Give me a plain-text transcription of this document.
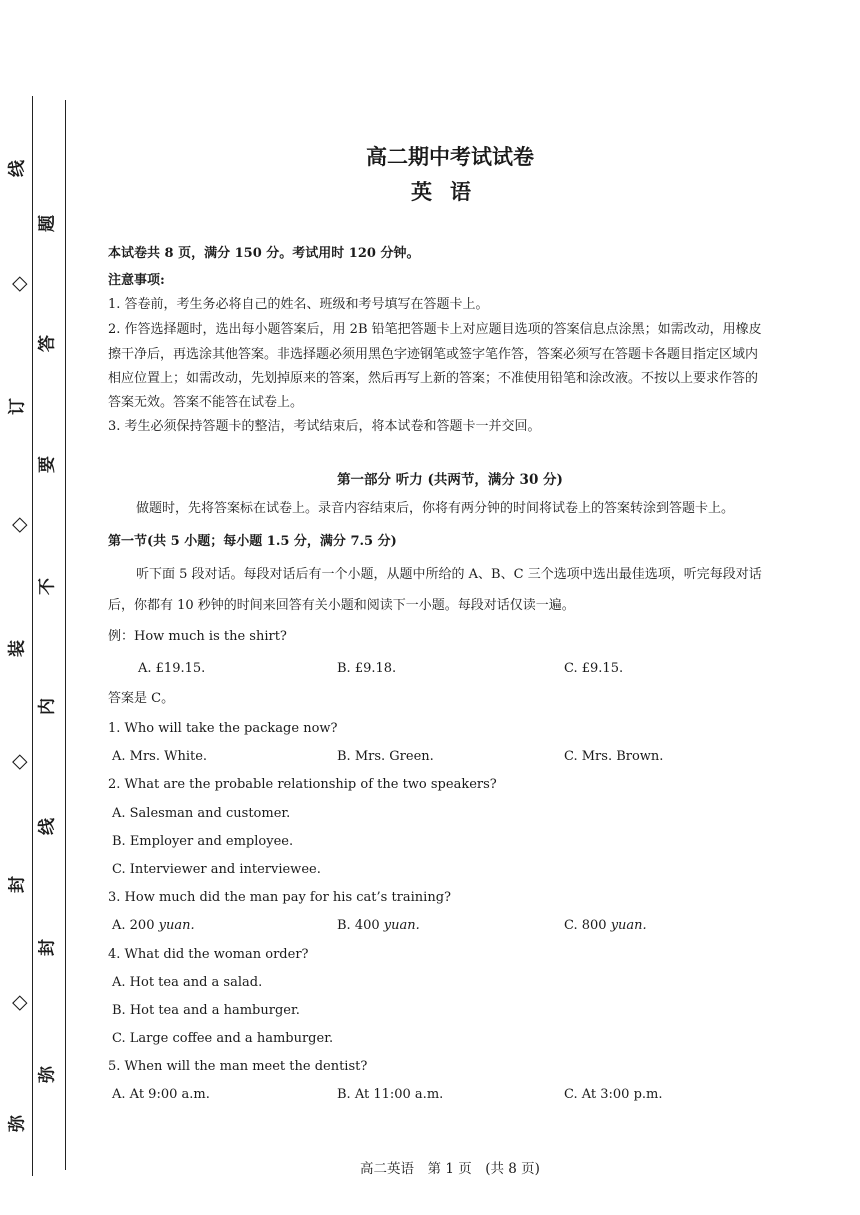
线
◇
订
◇
装
◇
封
◇
弥
题
答
要
不
内
线
封
弥
高二期中考试试卷
英语
本试卷共 8 页，满分 150 分。考试用时 120 分钟。
注意事项:
1. 答卷前，考生务必将自己的姓名、班级和考号填写在答题卡上。
2. 作答选择题时，选出每小题答案后，用 2B 铅笔把答题卡上对应题目选项的答案信息点涂黑；如需改动，用橡皮
擦干净后，再选涂其他答案。非选择题必须用黑色字迹钢笔或签字笔作答，答案必须写在答题卡各题目指定区域内
相应位置上；如需改动，先划掉原来的答案，然后再写上新的答案；不准使用铅笔和涂改液。不按以上要求作答的
答案无效。答案不能答在试卷上。
3. 考生必须保持答题卡的整洁，考试结束后，将本试卷和答题卡一并交回。
第一部分 听力 (共两节，满分 30 分)
做题时，先将答案标在试卷上。录音内容结束后，你将有两分钟的时间将试卷上的答案转涂到答题卡上。
第一节(共 5 小题；每小题 1.5 分，满分 7.5 分)
听下面 5 段对话。每段对话后有一个小题，从题中所给的 A、B、C 三个选项中选出最佳选项，听完每段对话
后，你都有 10 秒钟的时间来回答有关小题和阅读下一小题。每段对话仅读一遍。
例：How much is the shirt?
A. £19.15.	B. £9.18.	C. £9.15.
答案是 C。
1. Who will take the package now?
A. Mrs. White.	B. Mrs. Green.	C. Mrs. Brown.
2. What are the probable relationship of the two speakers?
A. Salesman and customer.
B. Employer and employee.
C. Interviewer and interviewee.
3. How much did the man pay for his cat’s training?
A. 200 yuan.	B. 400 yuan.	C. 800 yuan.
4. What did the woman order?
A. Hot tea and a salad.
B. Hot tea and a hamburger.
C. Large coffee and a hamburger.
5. When will the man meet the dentist?
A. At 9:00 a.m.	B. At 11:00 a.m.	C. At 3:00 p.m.
高二英语　第 1 页　(共 8 页)
